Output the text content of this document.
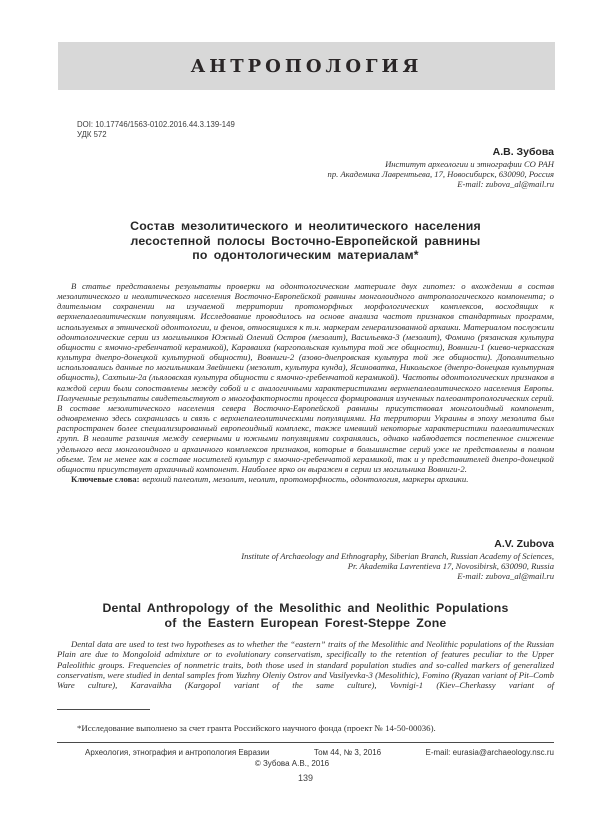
АНТРОПОЛОГИЯ
DOI: 10.17746/1563-0102.2016.44.3.139-149
УДК 572
А.В. Зубова
Институт археологии и этнографии СО РАН
пр. Академика Лаврентьева, 17, Новосибирск, 630090, Россия
E-mail: zubova_al@mail.ru
Состав мезолитического и неолитического населения
лесостепной полосы Восточно-Европейской равнины
по одонтологическим материалам*

В статье представлены результаты проверки на одонтологическом материале двух гипотез: о вхождении в состав мезолитического и неолитического населения Восточно-Европейской равнины монголоидного антропологического компонента; о длительном сохранении на изучаемой территории протоморфных морфологических комплексов, восходящих к верхнепалеолитическим популяциям. Исследование проводилось на основе анализа частот признаков стандартных программ, используемых в этнической одонтологии, и фенов, относящихся к т.н. маркерам генерализованной архаики. Материалом послужили одонтологические серии из могильников Южный Олений Остров (мезолит), Васильевка-3 (мезолит), Фомино (рязанская культура общности с ямочно-гребенчатой керамикой), Караваиха (каргопольская культура той же общности), Вовниги-1 (киево-черкасская культура днепро-донецкой культурной общности), Вовниги-2 (азово-днепровская культура той же общности). Дополнительно использовались данные по могильникам Звейниеки (мезолит, культура кунда), Ясиноватка, Никольское (днепро-донецкая культурная общность), Сахтыш-2а (льяловская культура общности с ямочно-гребенчатой керамикой). Частоты одонтологических признаков в каждой серии были сопоставлены между собой и с аналогичными характеристиками верхнепалеолитического населения Европы. Полученные результаты свидетельствуют о многофакторности процесса формирования изученных палеоантропологических серий. В составе мезолитического населения севера Восточно-Европейской равнины присутствовал монголоидный компонент, одновременно здесь сохранилась и связь с верхнепалеолитическими популяциями. На территории Украины в эпоху мезолита был распространен более специализированный европеоидный комплекс, также имевший некоторые характеристики палеолитических групп. В неолите различия между северными и южными популяциями сохранялись, однако наблюдается постепенное снижение удельного веса монголоидного и архаичного комплексов признаков, которые в большинстве серий уже не представлены в полном объеме. Тем не менее как в составе носителей культур с ямочно-гребенчатой керамикой, так и у представителей днепро-донецкой общности присутствует архаичный компонент. Наиболее ярко он выражен в серии из могильника Вовниги-2.

Ключевые слова: верхний палеолит, мезолит, неолит, протоморфность, одонтология, маркеры архаики.

A.V. Zubova
Institute of Archaeology and Ethnography, Siberian Branch, Russian Academy of Sciences,
Pr. Akademika Lavrentieva 17, Novosibirsk, 630090, Russia
E-mail: zubova_al@mail.ru
Dental Anthropology of the Mesolithic and Neolithic Populations
of the Eastern European Forest-Steppe Zone

Dental data are used to test two hypotheses as to whether the “eastern” traits of the Mesolithic and Neolithic populations of the Russian Plain are due to Mongoloid admixture or to evolutionary conservatism, specifically to the retention of features peculiar to the Upper Paleolithic groups. Frequencies of nonmetric traits, both those used in standard population studies and so-called markers of generalized conservatism, were studied in dental samples from Yuzhny Oleniy Ostrov and Vasilyevka-3 (Mesolithic), Fomino (Ryazan variant of Pit–Comb Ware culture), Karavaikha (Kargopol variant of the same culture), Vovnigi-1 (Kiev–Cherkassy variant of

*Исследование выполнено за счет гранта Российского научного фонда (проект № 14-50-00036).

Археология, этнография и антропология Евразии	Том 44, № 3, 2016	E-mail: eurasia@archaeology.nsc.ru
© Зубова А.В., 2016
139
